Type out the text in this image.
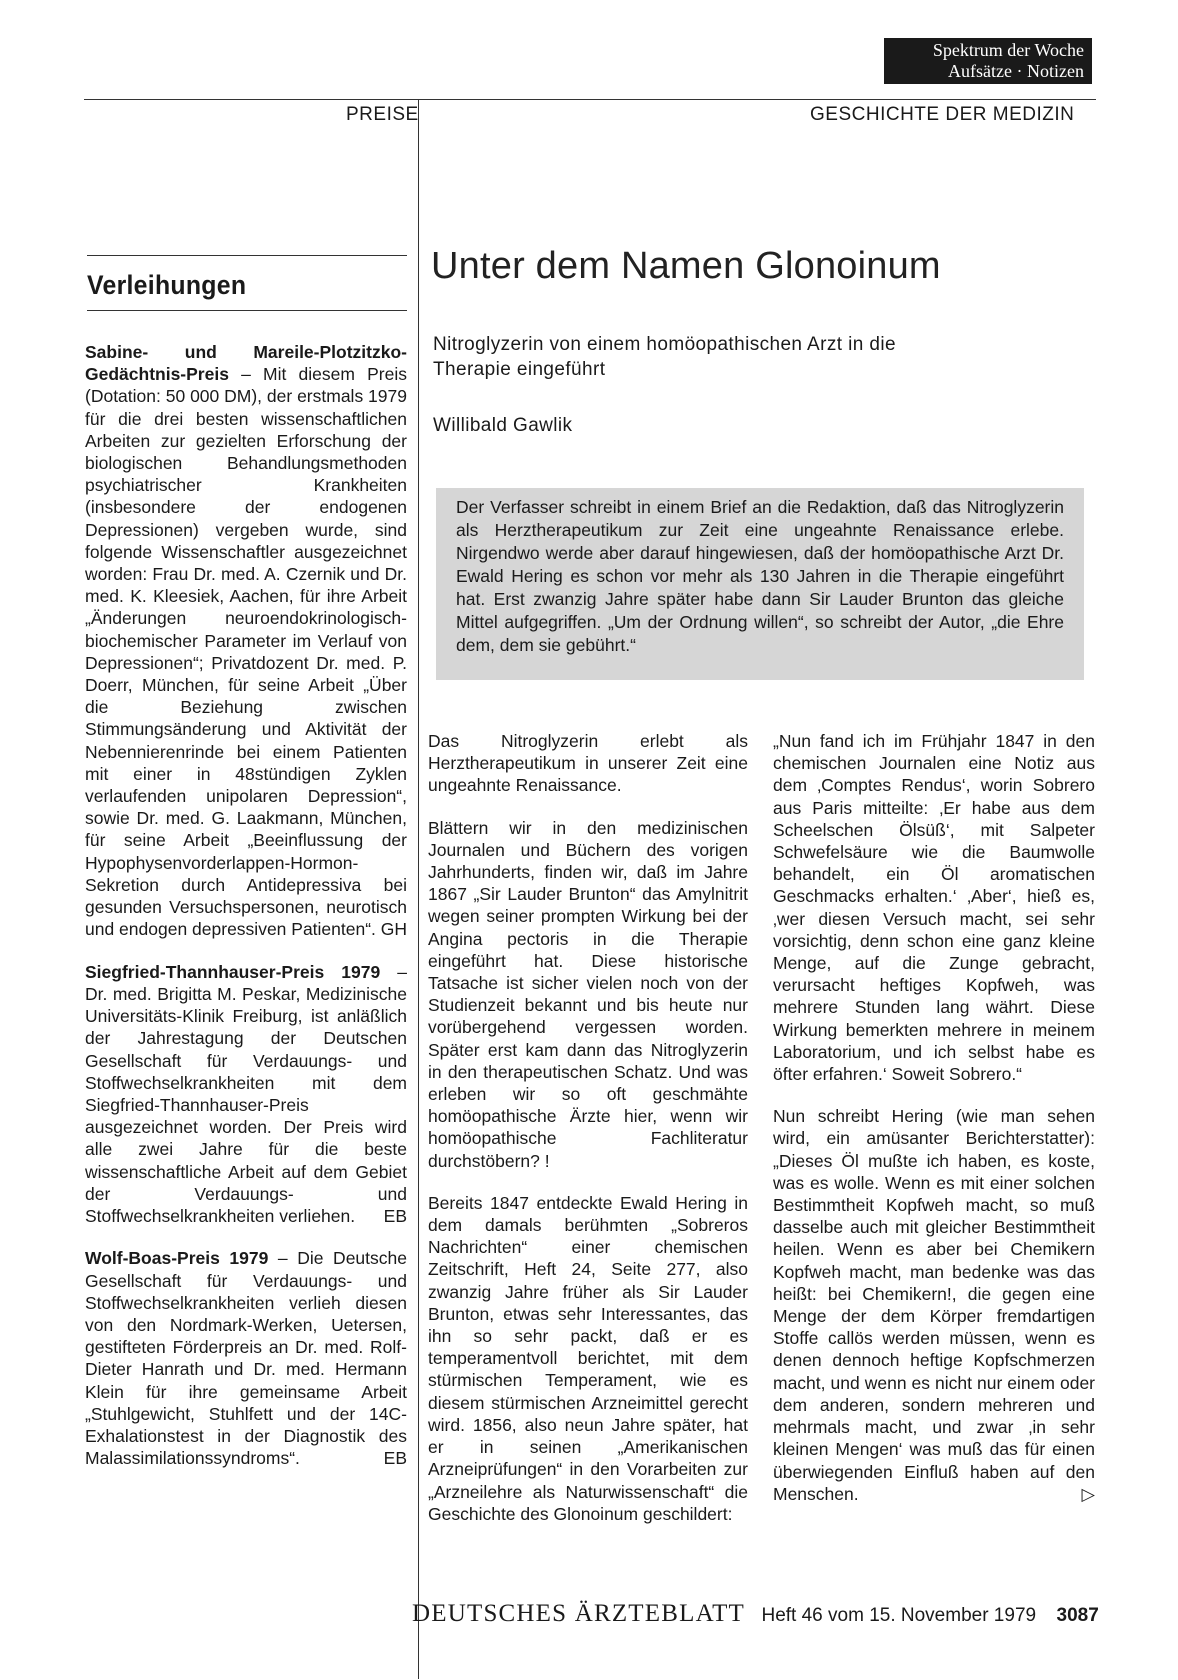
Spektrum der Woche
Aufsätze · Notizen
PREISE	GESCHICHTE DER MEDIZIN
Verleihungen

Sabine- und Mareile-Plotzitzko-Gedächtnis-Preis – Mit diesem Preis (Dotation: 50 000 DM), der erstmals 1979 für die drei besten wissenschaftlichen Arbeiten zur gezielten Erforschung der biologischen Behandlungsmethoden psychiatrischer Krankheiten (insbesondere der endogenen Depressionen) vergeben wurde, sind folgende Wissenschaftler ausgezeichnet worden: Frau Dr. med. A. Czernik und Dr. med. K. Kleesiek, Aachen, für ihre Arbeit „Änderungen neuroendokrinologisch-biochemischer Parameter im Verlauf von Depressionen“; Privatdozent Dr. med. P. Doerr, München, für seine Arbeit „Über die Beziehung zwischen Stimmungsänderung und Aktivität der Nebennierenrinde bei einem Patienten mit einer in 48stündigen Zyklen verlaufenden unipolaren Depression“, sowie Dr. med. G. Laakmann, München, für seine Arbeit „Beeinflussung der Hypophysenvorderlappen-Hormon-Sekretion durch Antidepressiva bei gesunden Versuchspersonen, neurotisch und endogen depressiven Patienten“. GH

Siegfried-Thannhauser-Preis 1979 – Dr. med. Brigitta M. Peskar, Medizinische Universitäts-Klinik Freiburg, ist anläßlich der Jahrestagung der Deutschen Gesellschaft für Verdauungs- und Stoffwechselkrankheiten mit dem Siegfried-Thannhauser-Preis ausgezeichnet worden. Der Preis wird alle zwei Jahre für die beste wissenschaftliche Arbeit auf dem Gebiet der Verdauungs- und Stoffwechselkrankheiten verliehen.	EB

Wolf-Boas-Preis 1979 – Die Deutsche Gesellschaft für Verdauungs- und Stoffwechselkrankheiten verlieh diesen von den Nordmark-Werken, Uetersen, gestifteten Förderpreis an Dr. med. Rolf-Dieter Hanrath und Dr. med. Hermann Klein für ihre gemeinsame Arbeit „Stuhlgewicht, Stuhlfett und der 14C-Exhalationstest in der Diagnostik des Malassimilationssyndroms“.	EB

Unter dem Namen Glonoinum
Nitroglyzerin von einem homöopathischen Arzt in die Therapie eingeführt
Willibald Gawlik
Der Verfasser schreibt in einem Brief an die Redaktion, daß das Nitroglyzerin als Herztherapeutikum zur Zeit eine ungeahnte Renaissance erlebe. Nirgendwo werde aber darauf hingewiesen, daß der homöopathische Arzt Dr. Ewald Hering es schon vor mehr als 130 Jahren in die Therapie eingeführt hat. Erst zwanzig Jahre später habe dann Sir Lauder Brunton das gleiche Mittel aufgegriffen. „Um der Ordnung willen“, so schreibt der Autor, „die Ehre dem, dem sie gebührt.“

Das Nitroglyzerin erlebt als Herztherapeutikum in unserer Zeit eine ungeahnte Renaissance.

Blättern wir in den medizinischen Journalen und Büchern des vorigen Jahrhunderts, finden wir, daß im Jahre 1867 „Sir Lauder Brunton“ das Amylnitrit wegen seiner prompten Wirkung bei der Angina pectoris in die Therapie eingeführt hat. Diese historische Tatsache ist sicher vielen noch von der Studienzeit bekannt und bis heute nur vorübergehend vergessen worden. Später erst kam dann das Nitroglyzerin in den therapeutischen Schatz. Und was erleben wir so oft geschmähte homöopathische Ärzte hier, wenn wir homöopathische Fachliteratur durchstöbern? !

Bereits 1847 entdeckte Ewald Hering in dem damals berühmten „Sobreros Nachrichten“ einer chemischen Zeitschrift, Heft 24, Seite 277, also zwanzig Jahre früher als Sir Lauder Brunton, etwas sehr Interessantes, das ihn so sehr packt, daß er es temperamentvoll berichtet, mit dem stürmischen Temperament, wie es diesem stürmischen Arzneimittel gerecht wird. 1856, also neun Jahre später, hat er in seinen „Amerikanischen Arzneiprüfungen“ in den Vorarbeiten zur „Arzneilehre als Naturwissenschaft“ die Geschichte des Glonoinum geschildert:

„Nun fand ich im Frühjahr 1847 in den chemischen Journalen eine Notiz aus dem ‚Comptes Rendus‘, worin Sobrero aus Paris mitteilte: ‚Er habe aus dem Scheelschen Ölsüß‘, mit Salpeter Schwefelsäure wie die Baumwolle behandelt, ein Öl aromatischen Geschmacks erhalten.‘ ‚Aber‘, hieß es, ‚wer diesen Versuch macht, sei sehr vorsichtig, denn schon eine ganz kleine Menge, auf die Zunge gebracht, verursacht heftiges Kopfweh, was mehrere Stunden lang währt. Diese Wirkung bemerkten mehrere in meinem Laboratorium, und ich selbst habe es öfter erfahren.‘ Soweit Sobrero.“

Nun schreibt Hering (wie man sehen wird, ein amüsanter Berichterstatter): „Dieses Öl mußte ich haben, es koste, was es wolle. Wenn es mit einer solchen Bestimmtheit Kopfweh macht, so muß dasselbe auch mit gleicher Bestimmtheit heilen. Wenn es aber bei Chemikern Kopfweh macht, man bedenke was das heißt: bei Chemikern!, die gegen eine Menge der dem Körper fremdartigen Stoffe callös werden müssen, wenn es denen dennoch heftige Kopfschmerzen macht, und wenn es nicht nur einem oder dem anderen, sondern mehreren und mehrmals macht, und zwar ‚in sehr kleinen Mengen‘ was muß das für einen überwiegenden Einfluß haben auf den Menschen.	▷

DEUTSCHES ÄRZTEBLATT Heft 46 vom 15. November 1979 3087
